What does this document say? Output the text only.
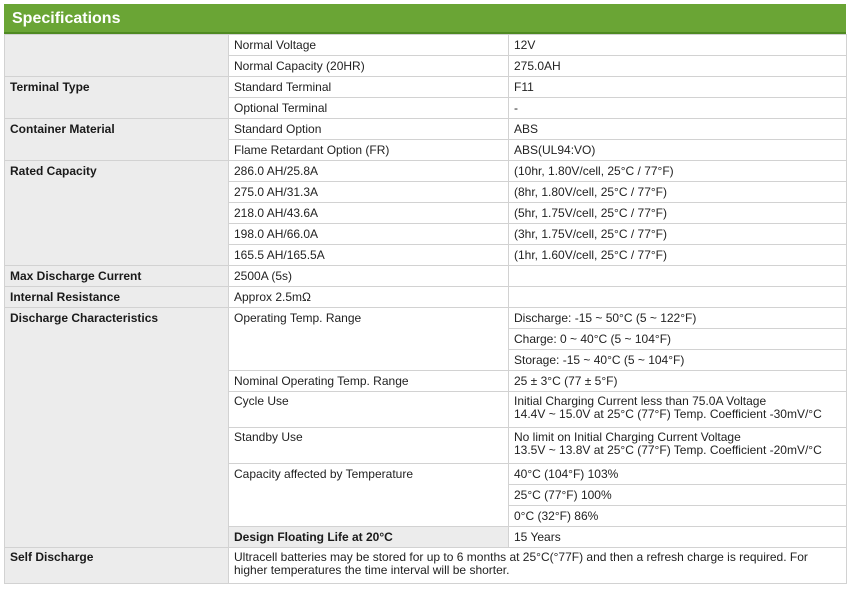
Specifications
	Normal Voltage	12V	
	Normal Capacity (20HR)	275.0AH	
Terminal Type	Standard Terminal	F11	
	Optional Terminal	-	
Container Material	Standard Option	ABS	
	Flame Retardant Option (FR)	ABS(UL94:VO)	
Rated Capacity	286.0 AH/25.8A	(10hr, 1.80V/cell, 25°C / 77°F)	
	275.0 AH/31.3A	(8hr, 1.80V/cell, 25°C / 77°F)	
	218.0 AH/43.6A	(5hr, 1.75V/cell, 25°C / 77°F)	
	198.0 AH/66.0A	(3hr, 1.75V/cell, 25°C / 77°F)	
	165.5 AH/165.5A	(1hr, 1.60V/cell, 25°C / 77°F)	
Max Discharge Current	2500A (5s)		
Internal Resistance	Approx 2.5mΩ		
Discharge Characteristics	Operating Temp. Range	Discharge: -15 ~ 50°C (5 ~ 122°F)	
		Charge: 0 ~ 40°C (5 ~ 104°F)	
		Storage: -15 ~ 40°C (5 ~ 104°F)	
	Nominal Operating Temp. Range	25 ± 3°C (77 ± 5°F)	
	Cycle Use	Initial Charging Current less than 75.0A Voltage
14.4V ~ 15.0V at 25°C (77°F) Temp. Coefficient -30mV/°C	

	Standby Use	No limit on Initial Charging Current Voltage
13.5V ~ 13.8V at 25°C (77°F) Temp. Coefficient -20mV/°C	

	Capacity affected by Temperature	40°C (104°F) 103%	
		25°C (77°F) 100%	
		0°C (32°F) 86%	
	Design Floating Life at 20°C	15 Years	
Self Discharge	Ultracell batteries may be stored for up to 6 months at 25°C(°77F) and then a refresh charge is required. For
higher temperatures the time interval will be shorter.		
